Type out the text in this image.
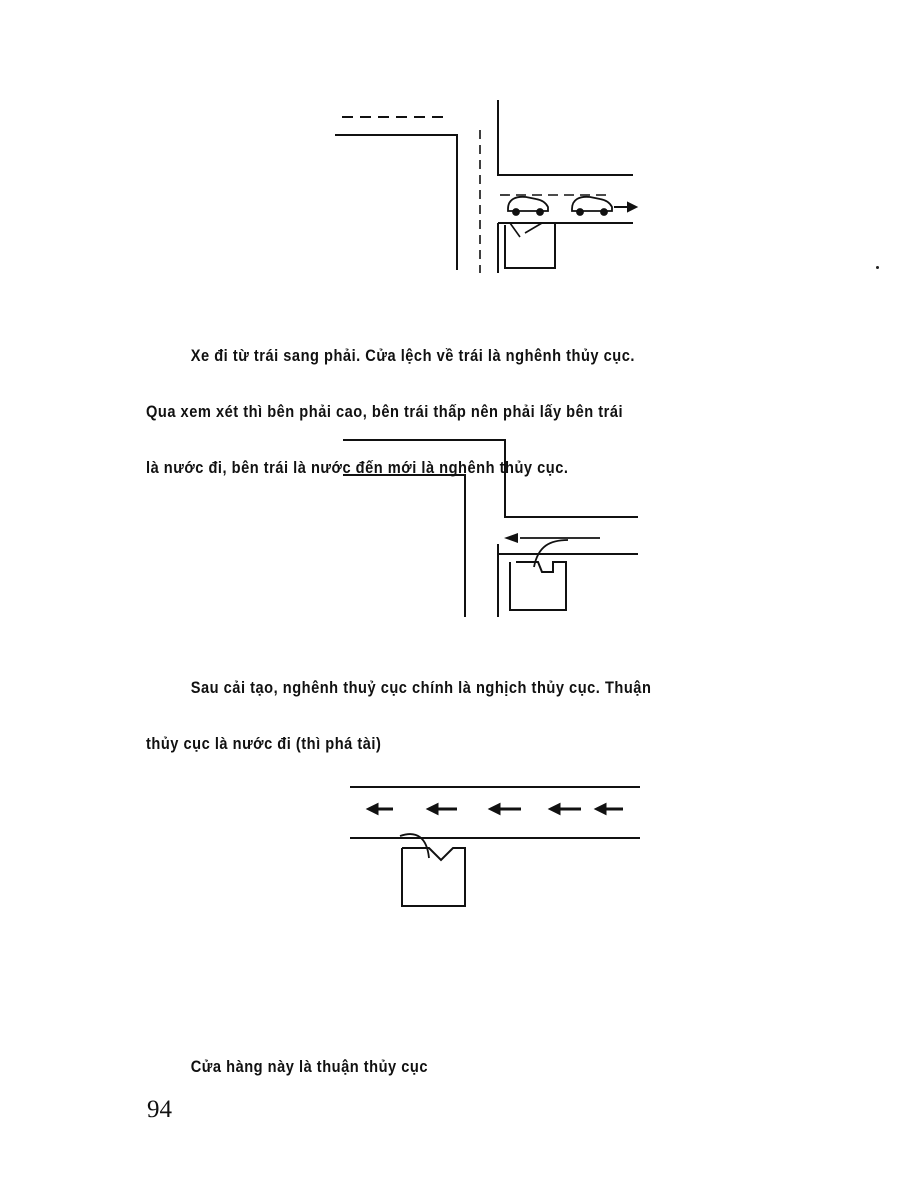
Xe đi từ trái sang phải. Cửa lệch về trái là nghênh thủy cục.

Qua xem xét thì bên phải cao, bên trái thấp nên phải lấy bên trái

là nước đi, bên trái là nước đến mới là nghênh thủy cục.

Sau cải tạo, nghênh thuỷ cục chính là nghịch thủy cục. Thuận

thủy cục là nước đi (thì phá tài)

Cửa hàng này là thuận thủy cục

94
